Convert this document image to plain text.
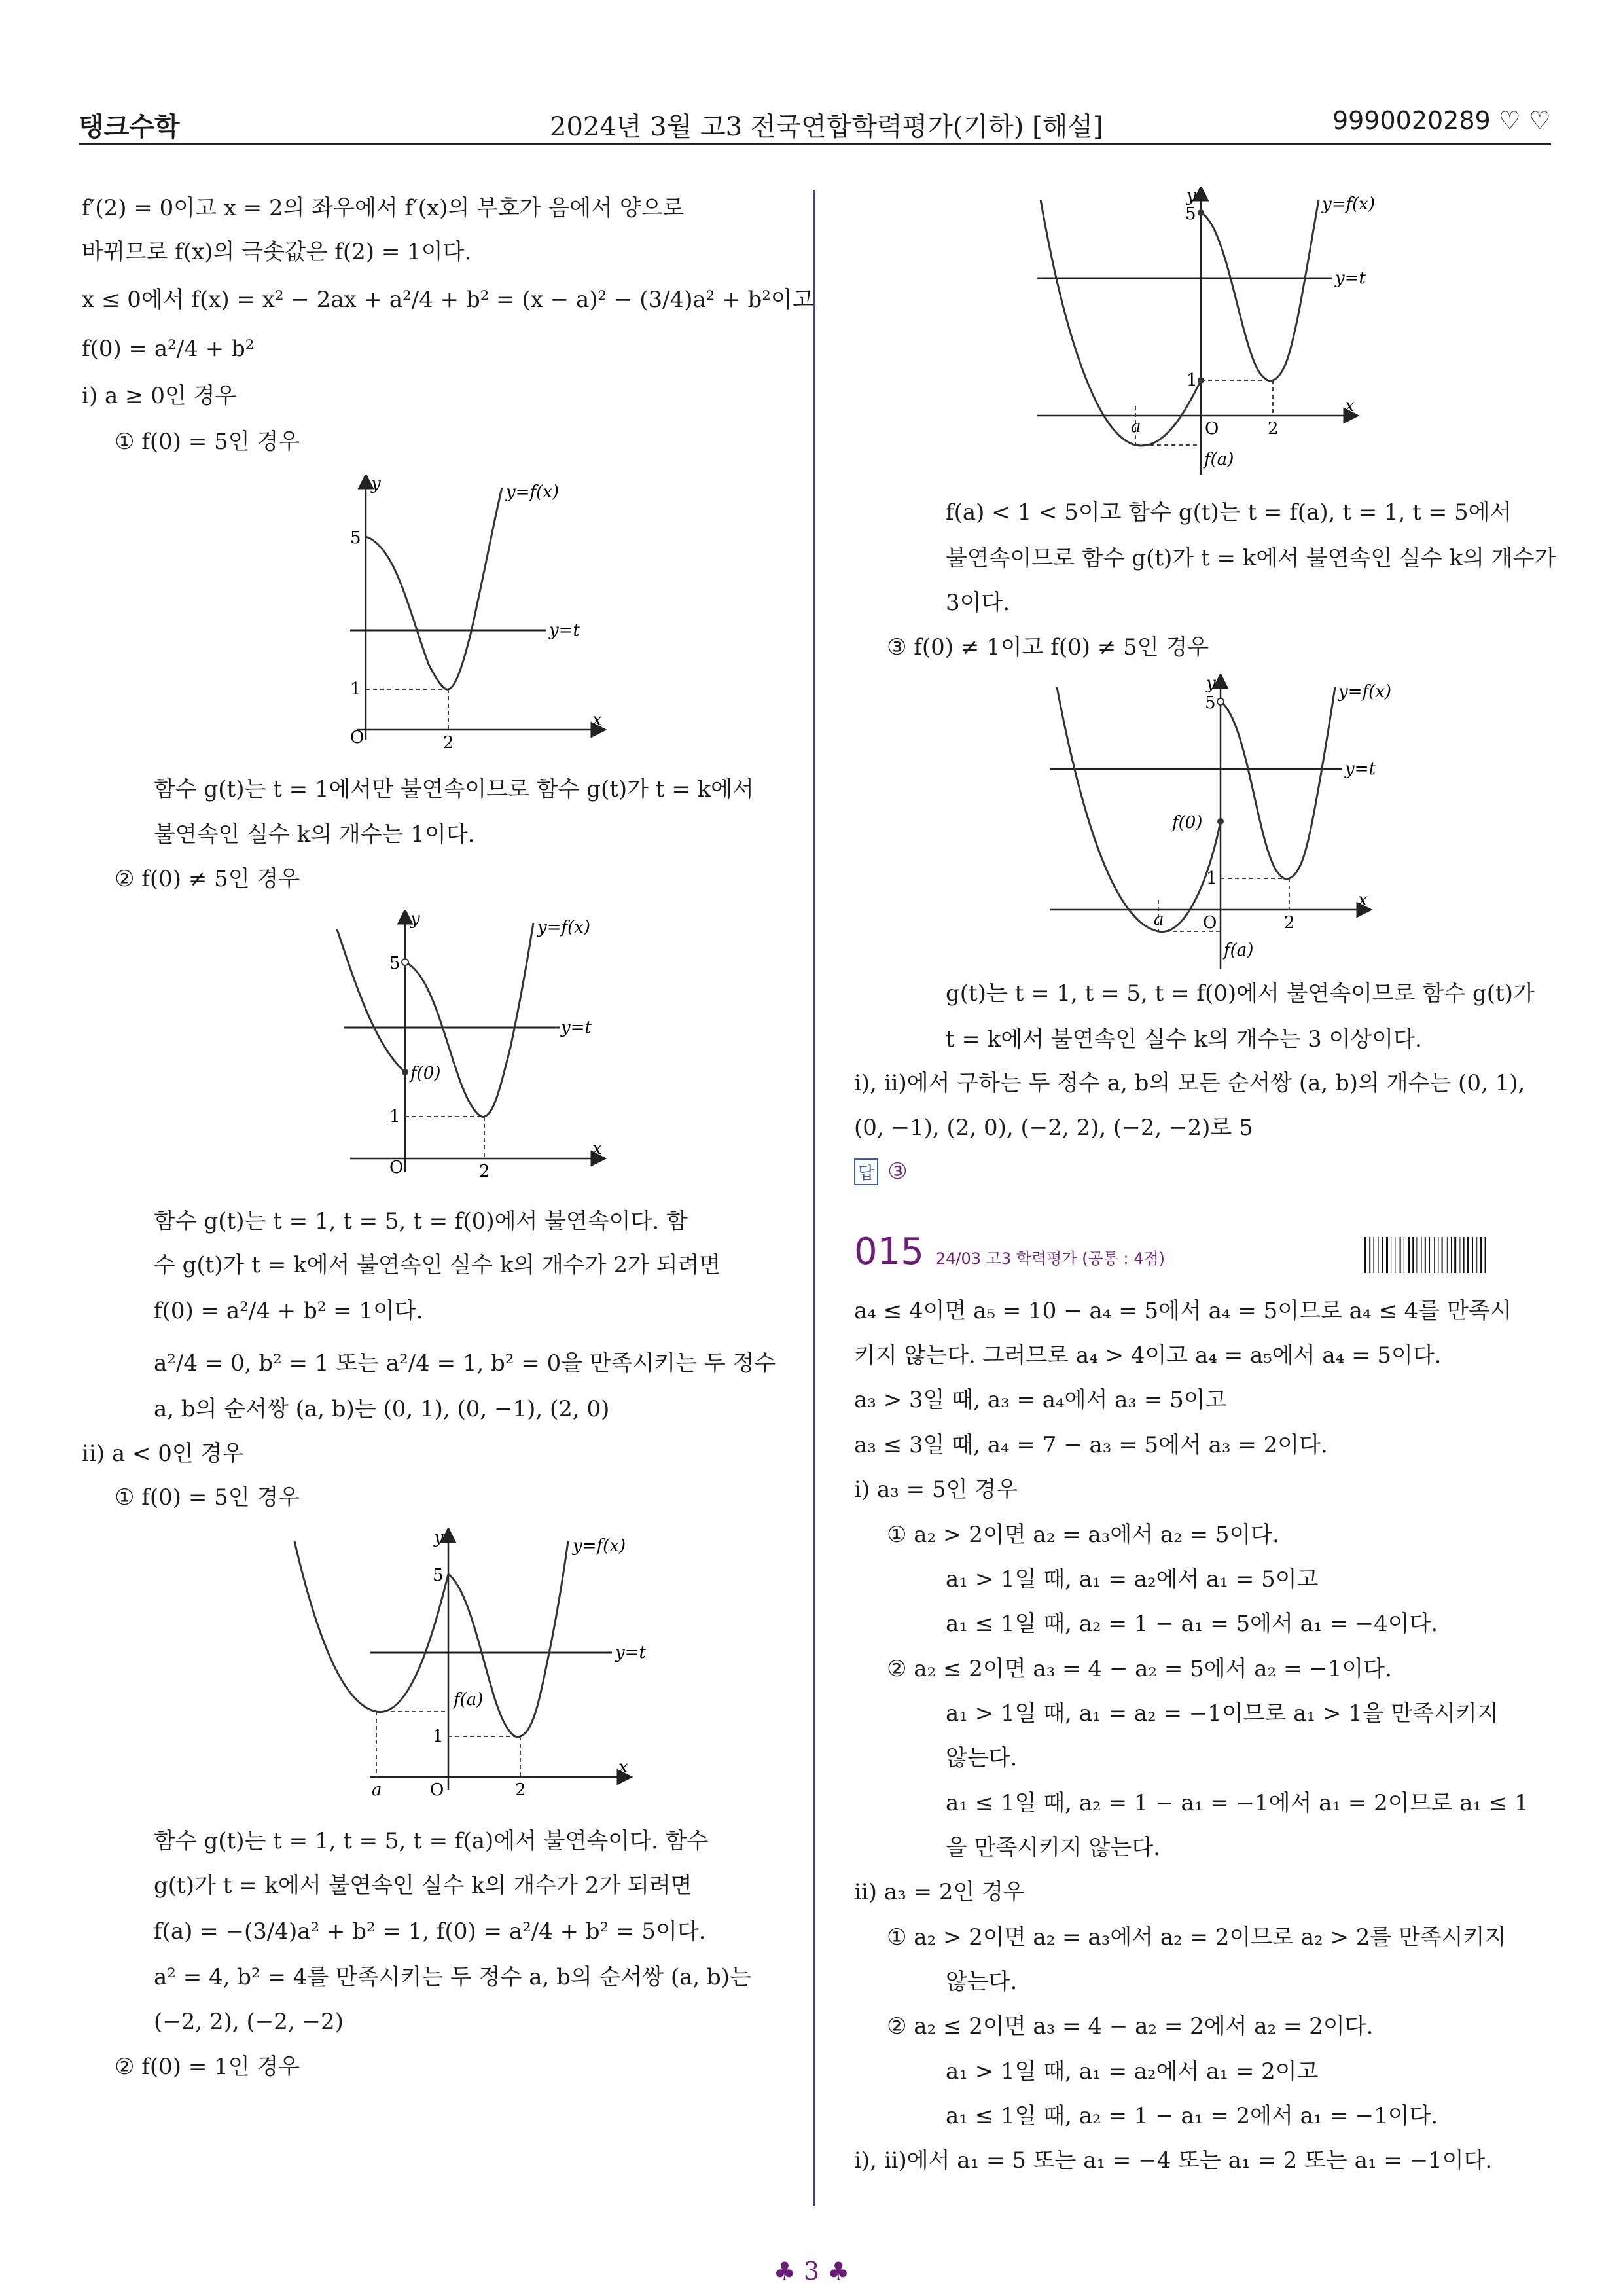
탱크수학	2024년 3월 고3 전국연합학력평가(기하) [해설]	9990020289 ♡ ♡
f′(2) = 0이고 x = 2의 좌우에서 f′(x)의 부호가 음에서 양으로
바뀌므로 f(x)의 극솟값은 f(2) = 1이다.
x ≤ 0에서 f(x) = x² − 2ax + a²/4 + b² = (x − a)² − (3/4)a² + b²이고
f(0) = a²/4 + b²
ⅰ) a ≥ 0인 경우
① f(0) = 5인 경우
y
x
O
5
1
2
y=f(x)
y=t
함수 g(t)는 t = 1에서만 불연속이므로 함수 g(t)가 t = k에서
불연속인 실수 k의 개수는 1이다.
② f(0) ≠ 5인 경우
y
x
O
5
1
2
f(0)
y=f(x)
y=t
함수 g(t)는 t = 1, t = 5, t = f(0)에서 불연속이다. 함
수 g(t)가 t = k에서 불연속인 실수 k의 개수가 2가 되려면
f(0) = a²/4 + b² = 1이다.
a²/4 = 0, b² = 1 또는 a²/4 = 1, b² = 0을 만족시키는 두 정수
a, b의 순서쌍 (a, b)는 (0, 1), (0, −1), (2, 0)
ⅱ) a < 0인 경우
① f(0) = 5인 경우
y
x
O
5
1
2
a
f(a)
y=f(x)
y=t
함수 g(t)는 t = 1, t = 5, t = f(a)에서 불연속이다. 함수
g(t)가 t = k에서 불연속인 실수 k의 개수가 2가 되려면
f(a) = −(3/4)a² + b² = 1, f(0) = a²/4 + b² = 5이다.
a² = 4, b² = 4를 만족시키는 두 정수 a, b의 순서쌍 (a, b)는
(−2, 2), (−2, −2)
② f(0) = 1인 경우
y
x
O
5
1
2
a
f(a)
y=f(x)
y=t
f(a) < 1 < 5이고 함수 g(t)는 t = f(a), t = 1, t = 5에서
불연속이므로 함수 g(t)가 t = k에서 불연속인 실수 k의 개수가
3이다.
③ f(0) ≠ 1이고 f(0) ≠ 5인 경우
y
x
O
5
1
2
a
f(0)
f(a)
y=f(x)
y=t
g(t)는 t = 1, t = 5, t = f(0)에서 불연속이므로 함수 g(t)가
t = k에서 불연속인 실수 k의 개수는 3 이상이다.
ⅰ), ⅱ)에서 구하는 두 정수 a, b의 모든 순서쌍 (a, b)의 개수는 (0, 1),
(0, −1), (2, 0), (−2, 2), (−2, −2)로 5
답 ③
015 24/03 고3 학력평가 (공통 : 4점)
a₄ ≤ 4이면 a₅ = 10 − a₄ = 5에서 a₄ = 5이므로 a₄ ≤ 4를 만족시
키지 않는다. 그러므로 a₄ > 4이고 a₄ = a₅에서 a₄ = 5이다.
a₃ > 3일 때, a₃ = a₄에서 a₃ = 5이고
a₃ ≤ 3일 때, a₄ = 7 − a₃ = 5에서 a₃ = 2이다.
ⅰ) a₃ = 5인 경우
① a₂ > 2이면 a₂ = a₃에서 a₂ = 5이다.
a₁ > 1일 때, a₁ = a₂에서 a₁ = 5이고
a₁ ≤ 1일 때, a₂ = 1 − a₁ = 5에서 a₁ = −4이다.
② a₂ ≤ 2이면 a₃ = 4 − a₂ = 5에서 a₂ = −1이다.
a₁ > 1일 때, a₁ = a₂ = −1이므로 a₁ > 1을 만족시키지
않는다.
a₁ ≤ 1일 때, a₂ = 1 − a₁ = −1에서 a₁ = 2이므로 a₁ ≤ 1
을 만족시키지 않는다.
ⅱ) a₃ = 2인 경우
① a₂ > 2이면 a₂ = a₃에서 a₂ = 2이므로 a₂ > 2를 만족시키지
않는다.
② a₂ ≤ 2이면 a₃ = 4 − a₂ = 2에서 a₂ = 2이다.
a₁ > 1일 때, a₁ = a₂에서 a₁ = 2이고
a₁ ≤ 1일 때, a₂ = 1 − a₁ = 2에서 a₁ = −1이다.
ⅰ), ⅱ)에서 a₁ = 5 또는 a₁ = −4 또는 a₁ = 2 또는 a₁ = −1이다.
♣ 3 ♣
